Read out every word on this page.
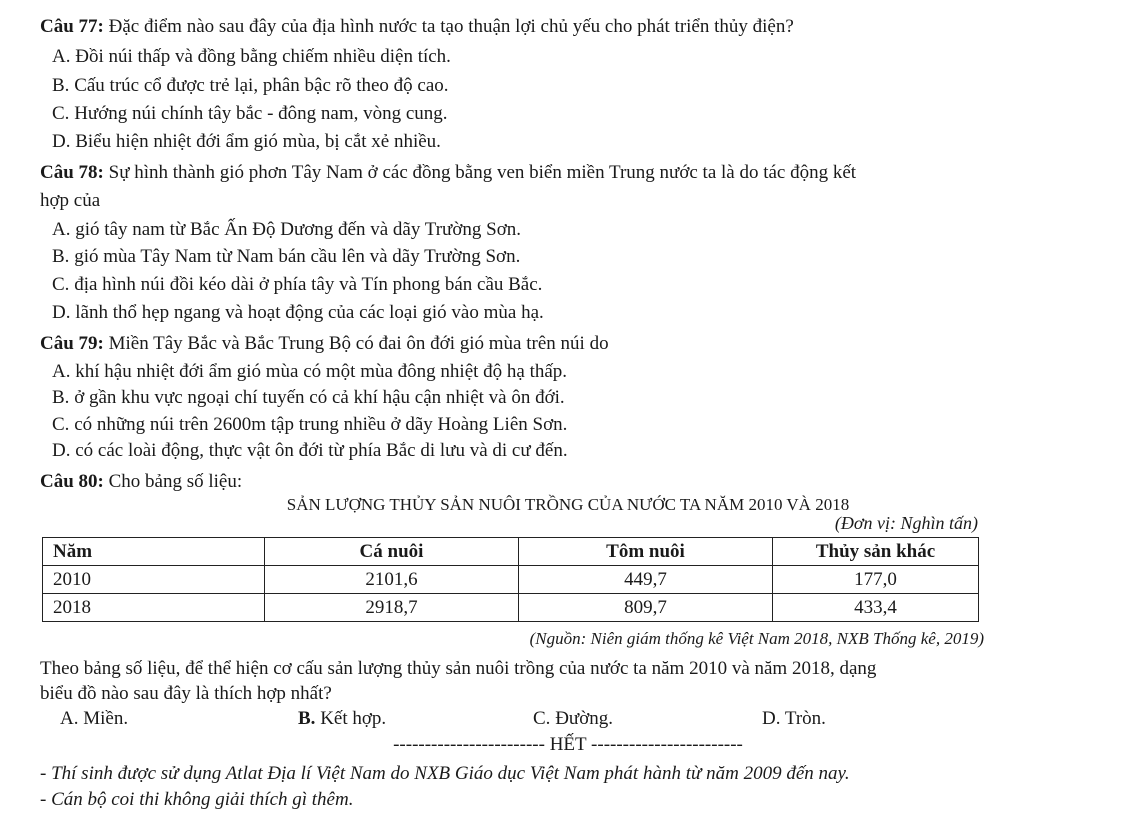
Câu 77: Đặc điểm nào sau đây của địa hình nước ta tạo thuận lợi chủ yếu cho phát triển thủy điện?
A. Đồi núi thấp và đồng bằng chiếm nhiều diện tích.
B. Cấu trúc cổ được trẻ lại, phân bậc rõ theo độ cao.
C. Hướng núi chính tây bắc - đông nam, vòng cung.
D. Biểu hiện nhiệt đới ẩm gió mùa, bị cắt xẻ nhiều.
Câu 78: Sự hình thành gió phơn Tây Nam ở các đồng bằng ven biển miền Trung nước ta là do tác động kết
hợp của
A. gió tây nam từ Bắc Ấn Độ Dương đến và dãy Trường Sơn.
B. gió mùa Tây Nam từ Nam bán cầu lên và dãy Trường Sơn.
C. địa hình núi đồi kéo dài ở phía tây và Tín phong bán cầu Bắc.
D. lãnh thổ hẹp ngang và hoạt động của các loại gió vào mùa hạ.
Câu 79: Miền Tây Bắc và Bắc Trung Bộ có đai ôn đới gió mùa trên núi do
A. khí hậu nhiệt đới ẩm gió mùa có một mùa đông nhiệt độ hạ thấp.
B. ở gần khu vực ngoại chí tuyến có cả khí hậu cận nhiệt và ôn đới.
C. có những núi trên 2600m tập trung nhiều ở dãy Hoàng Liên Sơn.
D. có các loài động, thực vật ôn đới từ phía Bắc di lưu và di cư đến.
Câu 80: Cho bảng số liệu:
SẢN LƯỢNG THỦY SẢN NUÔI TRỒNG CỦA NƯỚC TA NĂM 2010 VÀ 2018
(Đơn vị: Nghìn tấn)
Năm	Cá nuôi	Tôm nuôi	Thủy sản khác
2010	2101,6	449,7	177,0
2018	2918,7	809,7	433,4
(Nguồn: Niên giám thống kê Việt Nam 2018, NXB Thống kê, 2019)
Theo bảng số liệu, để thể hiện cơ cấu sản lượng thủy sản nuôi trồng của nước ta năm 2010 và năm 2018, dạng
biểu đồ nào sau đây là thích hợp nhất?
A. Miền.	B. Kết hợp.	C. Đường.	D. Tròn.
------------------------ HẾT ------------------------
- Thí sinh được sử dụng Atlat Địa lí Việt Nam do NXB Giáo dục Việt Nam phát hành từ năm 2009 đến nay.
- Cán bộ coi thi không giải thích gì thêm.
